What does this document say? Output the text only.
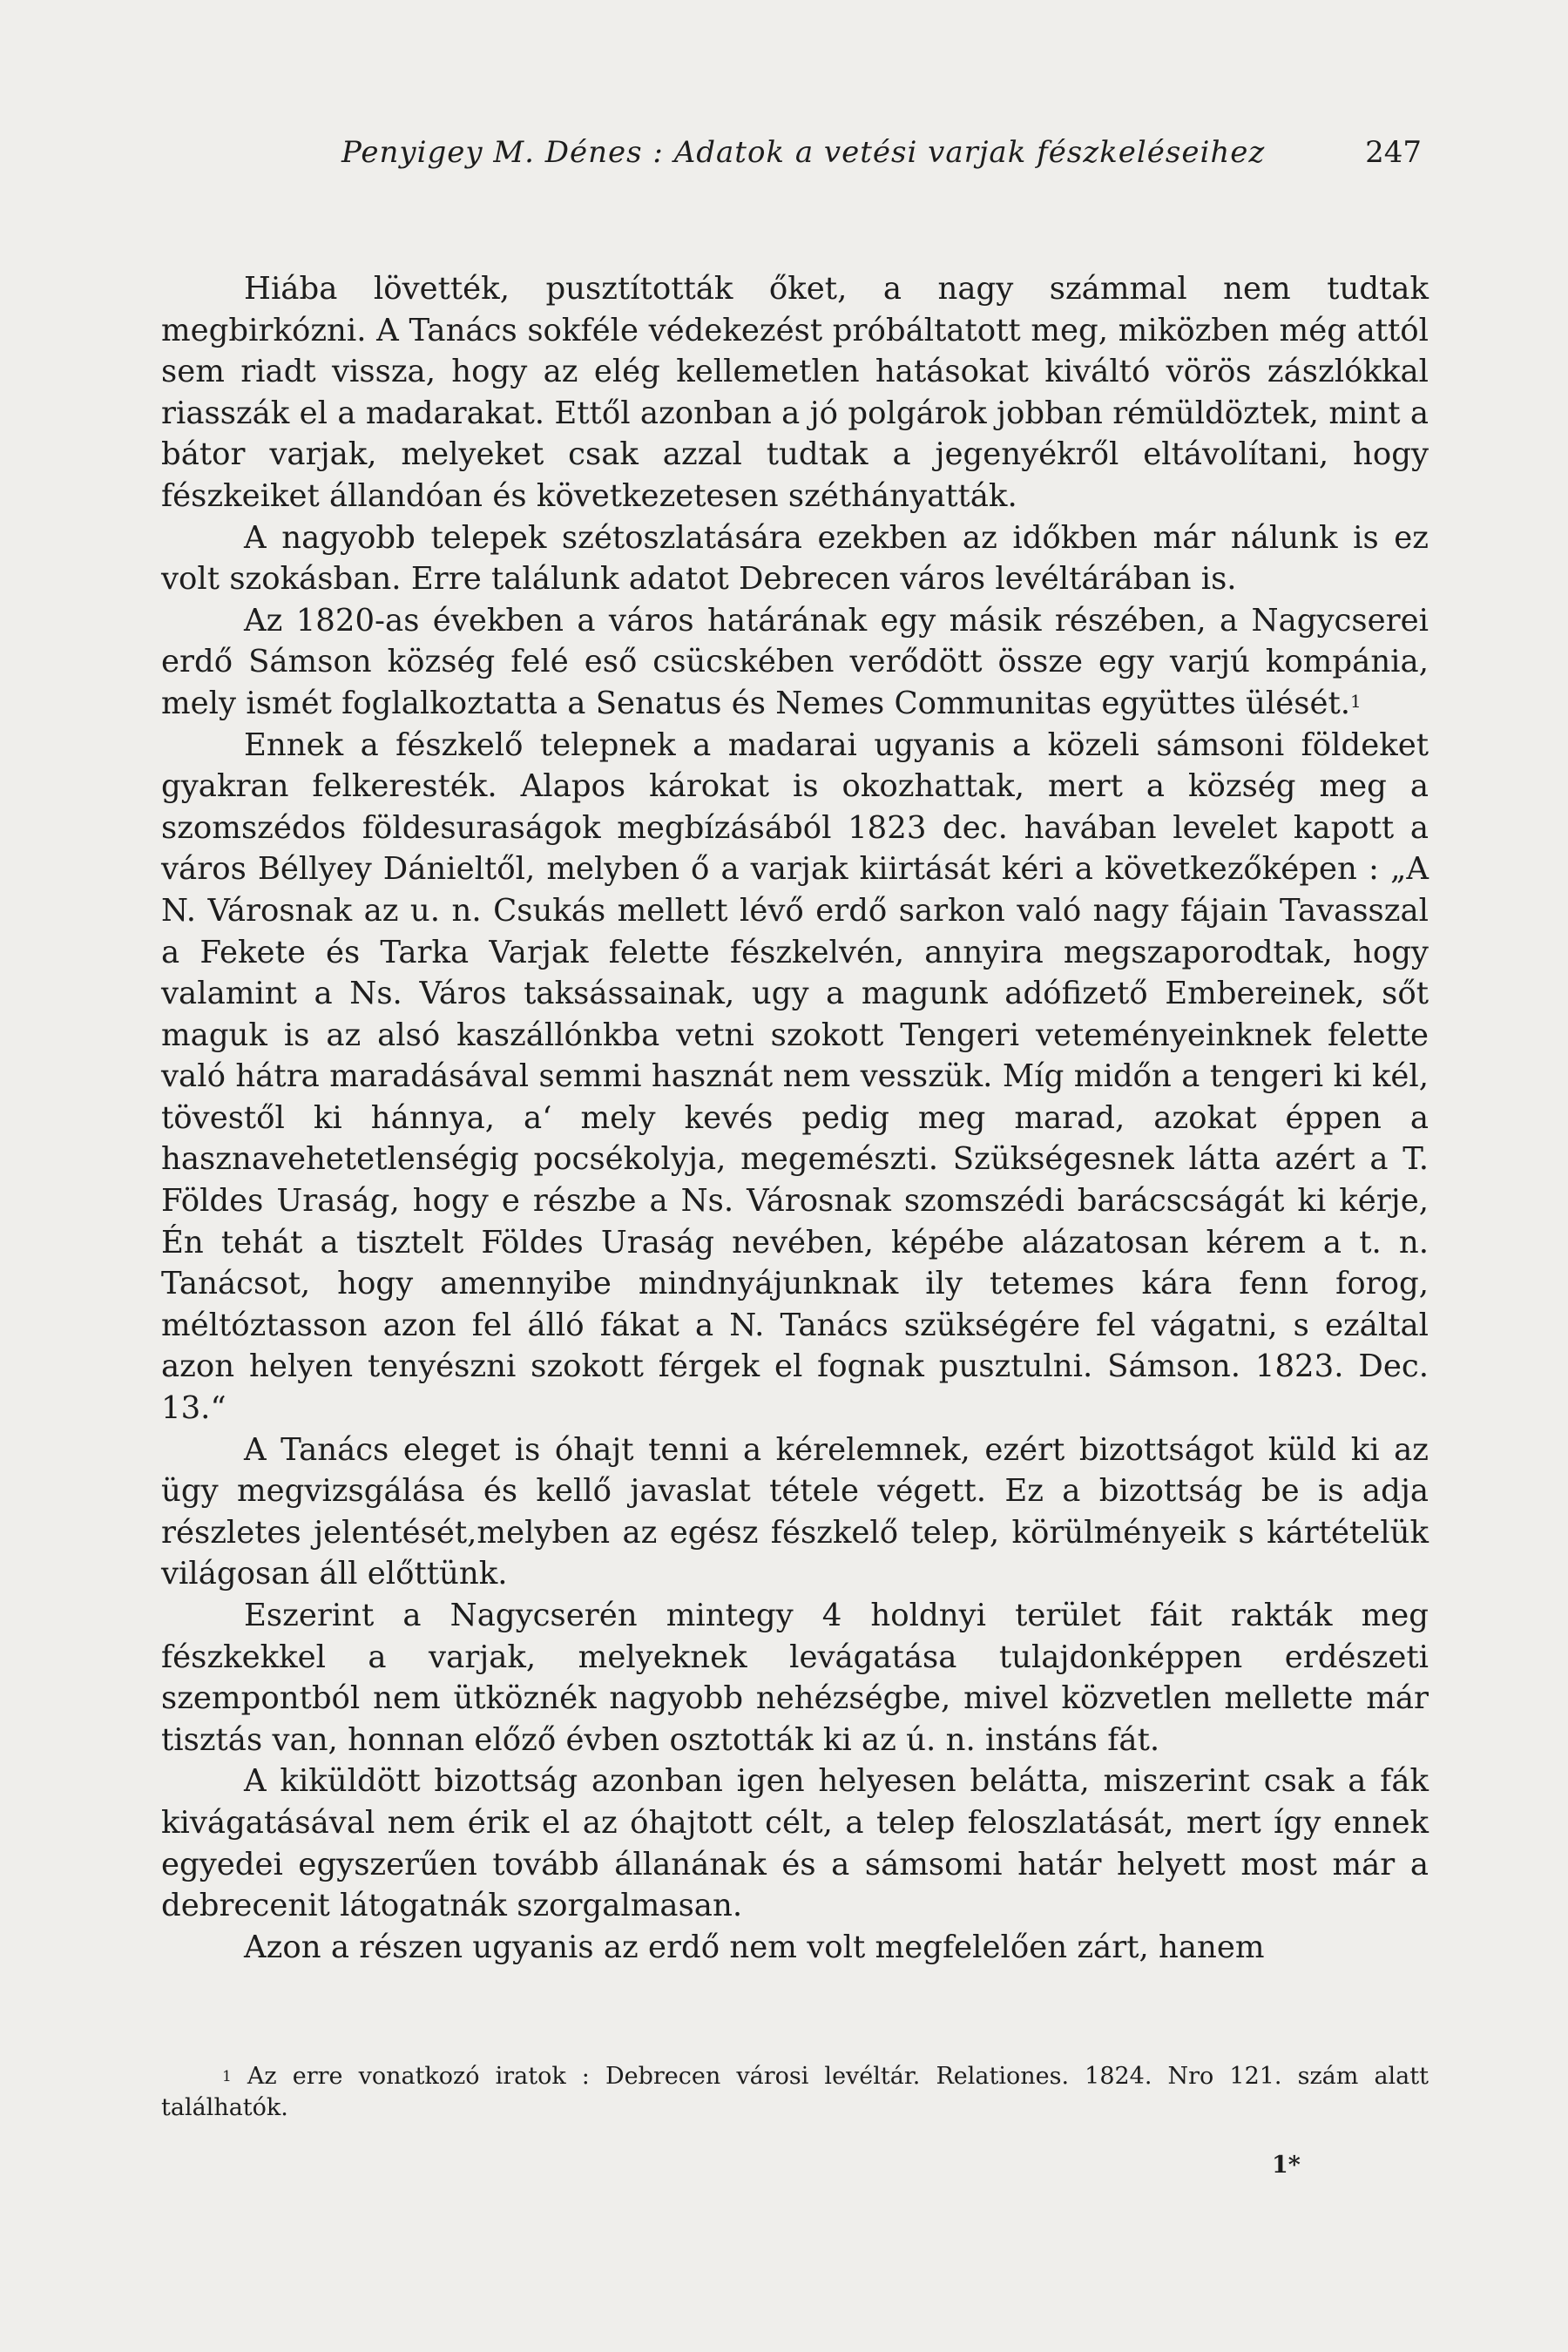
Penyigey M. Dénes : Adatok a vetési varjak fészkeléseihez	247

Hiába lövették, pusztították őket, a nagy számmal nem tudtak megbirkózni. A Tanács sokféle védekezést próbáltatott meg, miközben még attól sem riadt vissza, hogy az elég kellemetlen hatásokat kiváltó vörös zászlókkal riasszák el a madarakat. Ettől azonban a jó polgárok jobban rémüldöztek, mint a bátor varjak, melyeket csak azzal tudtak a jegenyékről eltávolítani, hogy fészkeiket állandóan és következetesen széthányatták.

A nagyobb telepek szétoszlatására ezekben az időkben már nálunk is ez volt szokásban. Erre találunk adatot Debrecen város levéltárában is.

Az 1820-as években a város határának egy másik részében, a Nagycserei erdő Sámson község felé eső csücskében verődött össze egy varjú kompánia, mely ismét foglalkoztatta a Senatus és Nemes Communitas együttes ülését.$^1$

Ennek a fészkelő telepnek a madarai ugyanis a közeli sámsoni földeket gyakran felkeresték. Alapos károkat is okozhattak, mert a község meg a szomszédos földesuraságok megbízásából 1823 dec. havában levelet kapott a város Béllyey Dánieltől, melyben ő a varjak kiirtását kéri a következőképen : „A N. Városnak az u. n. Csukás mellett lévő erdő sarkon való nagy fájain Tavasszal a Fekete és Tarka Varjak felette fészkelvén, annyira megszaporodtak, hogy valamint a Ns. Város taksássainak, ugy a magunk adófizető Embereinek, sőt maguk is az alsó kaszállónkba vetni szokott Tengeri veteményeinknek felette való hátra maradásával semmi hasznát nem vesszük. Míg midőn a tengeri ki kél, tövestől ki hánnya, a‘ mely kevés pedig meg marad, azokat éppen a hasznavehetetlenségig pocsékolyja, megemészti. Szükségesnek látta azért a T. Földes Uraság, hogy e részbe a Ns. Városnak szomszédi barácscságát ki kérje, Én tehát a tisztelt Földes Uraság nevében, képébe alázatosan kérem a t. n. Tanácsot, hogy amennyibe mindnyájunknak ily tetemes kára fenn forog, méltóztasson azon fel álló fákat a N. Tanács szükségére fel vágatni, s ezáltal azon helyen tenyészni szokott férgek el fognak pusztulni. Sámson. 1823. Dec. 13.“

A Tanács eleget is óhajt tenni a kérelemnek, ezért bizottságot küld ki az ügy megvizsgálása és kellő javaslat tétele végett. Ez a bizottság be is adja részletes jelentését,melyben az egész fészkelő telep, körülményeik s kártételük világosan áll előttünk.

Eszerint a Nagycserén mintegy 4 holdnyi terület fáit rakták meg fészkekkel a varjak, melyeknek levágatása tulajdonképpen erdészeti szempontból nem ütköznék nagyobb nehézségbe, mivel közvetlen mellette már tisztás van, honnan előző évben osztották ki az ú. n. instáns fát.

A kiküldött bizottság azonban igen helyesen belátta, miszerint csak a fák kivágatásával nem érik el az óhajtott célt, a telep feloszlatását, mert így ennek egyedei egyszerűen tovább állanának és a sámsomi határ helyett most már a debrecenit látogatnák szorgalmasan.

Azon a részen ugyanis az erdő nem volt megfelelően zárt, hanem

$^1$ Az erre vonatkozó iratok : Debrecen városi levéltár. Relationes. 1824. Nro 121. szám alatt találhatók.
1*
